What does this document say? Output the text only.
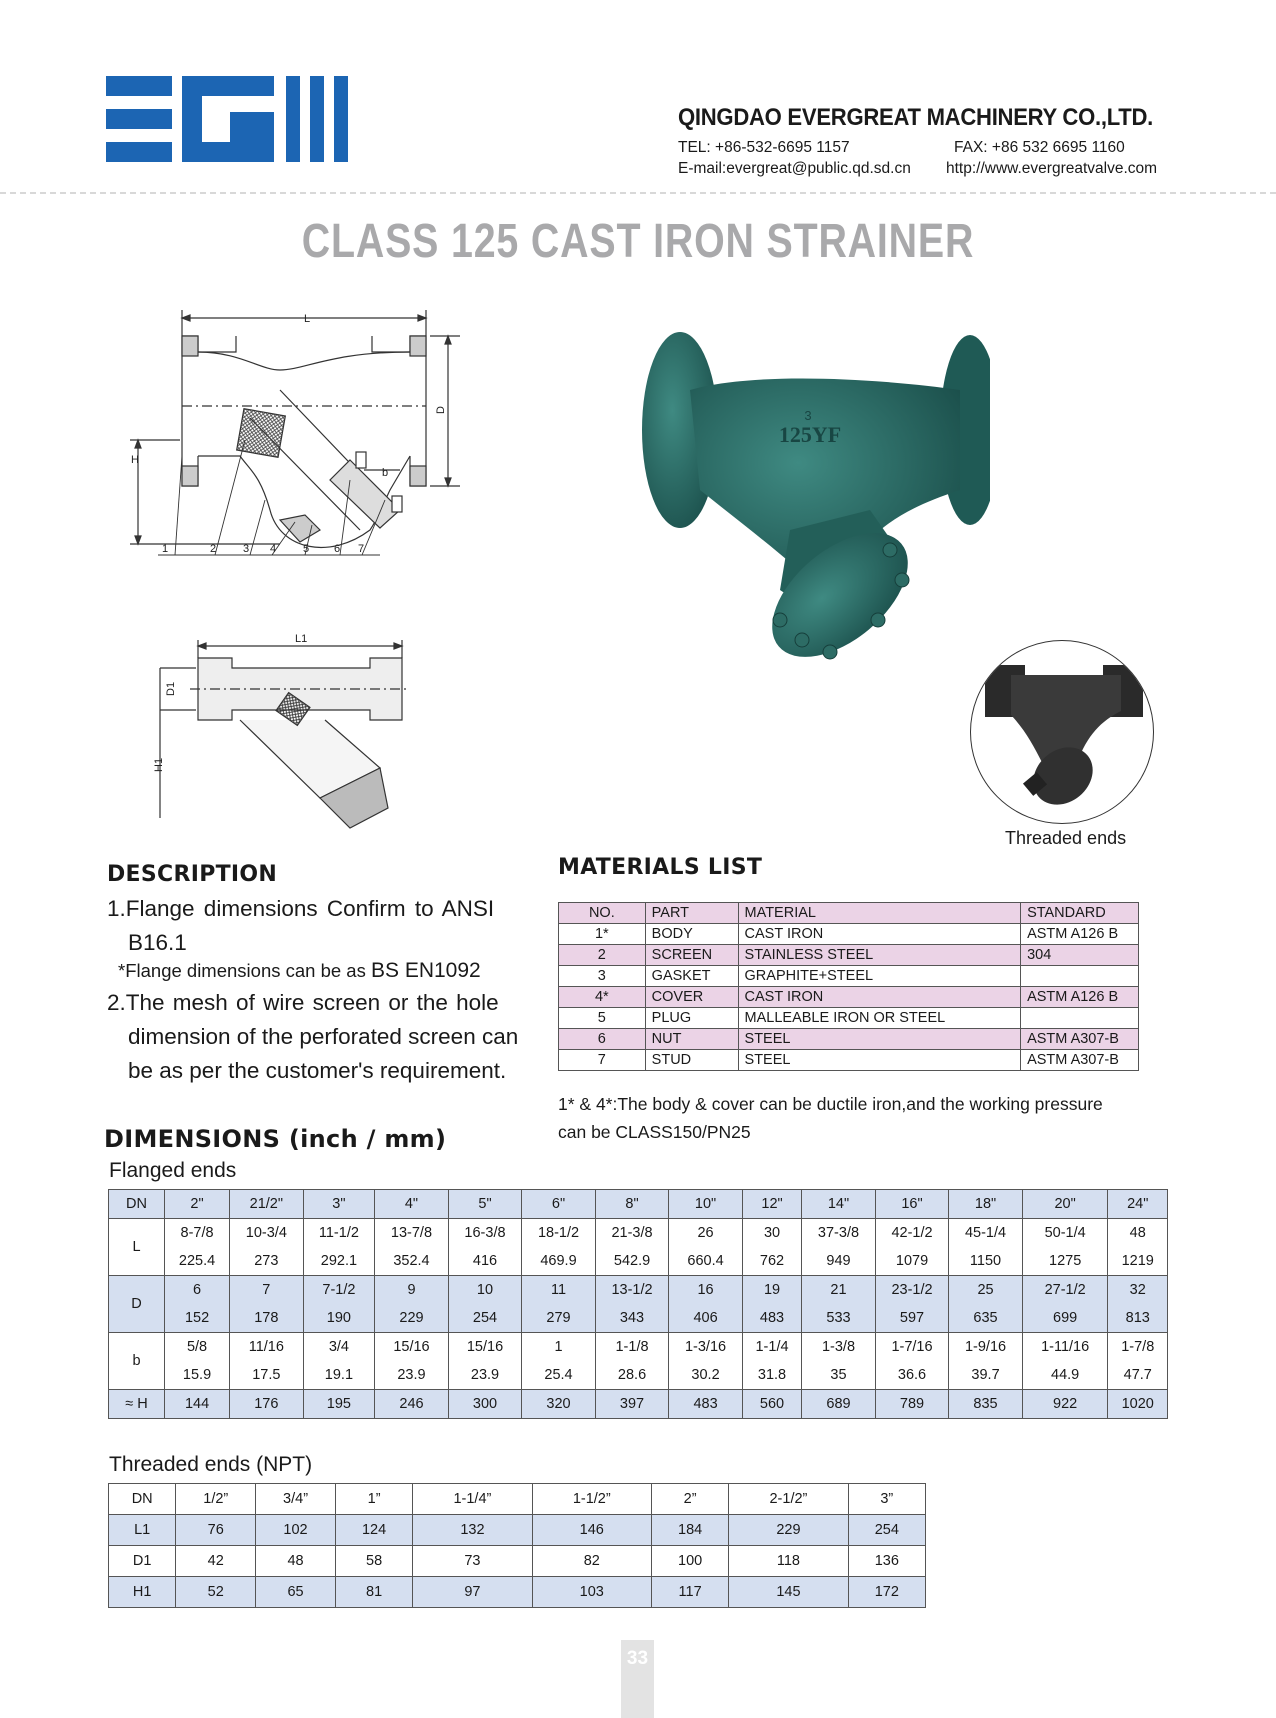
QINGDAO EVERGREAT MACHINERY CO.,LTD.
TEL: +86-532-6695 1157	FAX: +86 532 6695 1160
E-mail:evergreat@public.qd.sd.cn http://www.evergreatvalve.com
CLASS 125 CAST IRON STRAINER
L
D
H
b
1	2 3 4 5 6 7
L1
D1
H1
3
125YF
Threaded ends
DESCRIPTION
1.Flange dimensions Confirm to ANSI
B16.1
*Flange dimensions can be as BS EN1092
2.The mesh of wire screen or the hole
dimension of the perforated screen can
be as per the customer's requirement.
MATERIALS LIST
NO.	PART	MATERIAL	STANDARD
1*	BODY	CAST IRON	ASTM A126 B
2	SCREEN	STAINLESS STEEL	304
3	GASKET	GRAPHITE+STEEL	
4*	COVER	CAST IRON	ASTM A126 B
5	PLUG	MALLEABLE IRON OR STEEL	
6	NUT	STEEL	ASTM A307-B
7	STUD	STEEL	ASTM A307-B
1* & 4*:The body & cover can be ductile iron,and the working pressure
can be CLASS150/PN25
DIMENSIONS (inch / mm)
Flanged ends
DN	2"	21/2"	3"	4"	5"	6"	8"	10"	12"	14"	16"	18"	20"	24"
L	8-7/8	10-3/4	11-1/2	13-7/8	16-3/8	18-1/2	21-3/8	26	30	37-3/8	42-1/2	45-1/4	50-1/4	48
	225.4	273	292.1	352.4	416	469.9	542.9	660.4	762	949	1079	1150	1275	1219
D	6	7	7-1/2	9	10	11	13-1/2	16	19	21	23-1/2	25	27-1/2	32
	152	178	190	229	254	279	343	406	483	533	597	635	699	813
b	5/8	11/16	3/4	15/16	15/16	1	1-1/8	1-3/16	1-1/4	1-3/8	1-7/16	1-9/16	1-11/16	1-7/8
	15.9	17.5	19.1	23.9	23.9	25.4	28.6	30.2	31.8	35	36.6	39.7	44.9	47.7
≈ H	144	176	195	246	300	320	397	483	560	689	789	835	922	1020
Threaded ends (NPT)
DN	1/2”	3/4”	1”	1-1/4”	1-1/2”	2”	2-1/2”	3”
L1	76	102	124	132	146	184	229	254
D1	42	48	58	73	82	100	118	136
H1	52	65	81	97	103	117	145	172
33
